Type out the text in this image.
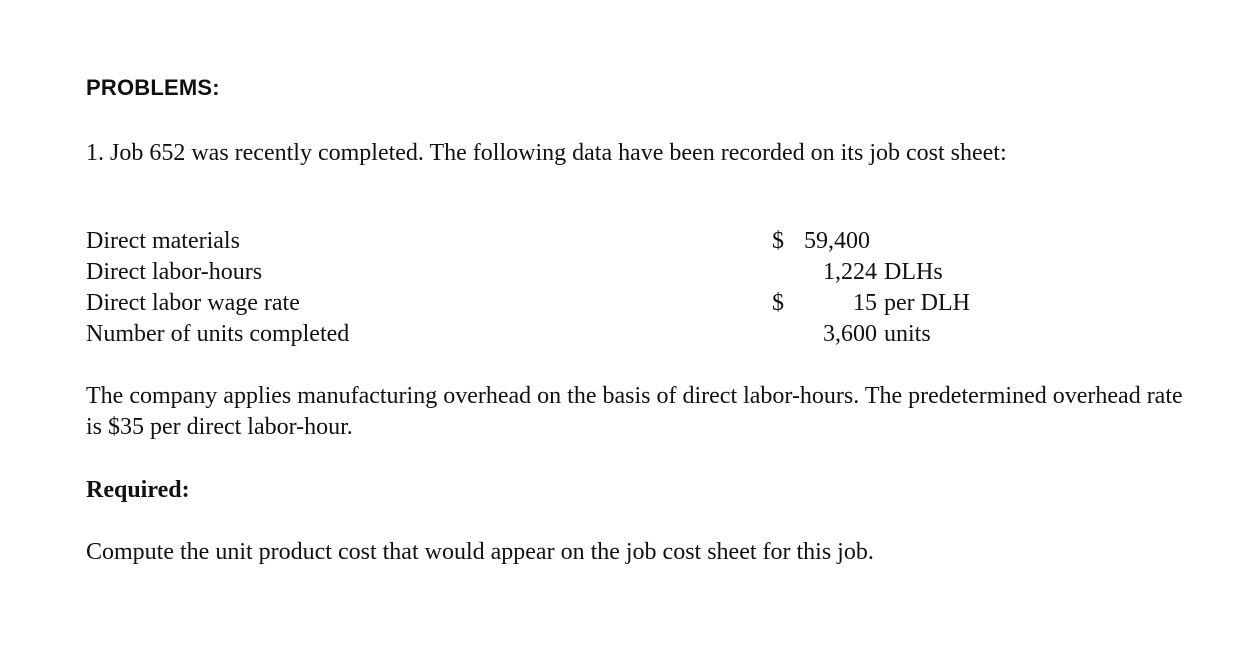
PROBLEMS:
1. Job 652 was recently completed. The following data have been recorded on its job cost sheet:
Direct materials	$ 59,400
Direct labor-hours	1,224 DLHs
Direct labor wage rate	$	15 per DLH
Number of units completed	3,600 units
The company applies manufacturing overhead on the basis of direct labor-hours. The predetermined overhead rate is $35 per direct labor-hour.
Required:
Compute the unit product cost that would appear on the job cost sheet for this job.
